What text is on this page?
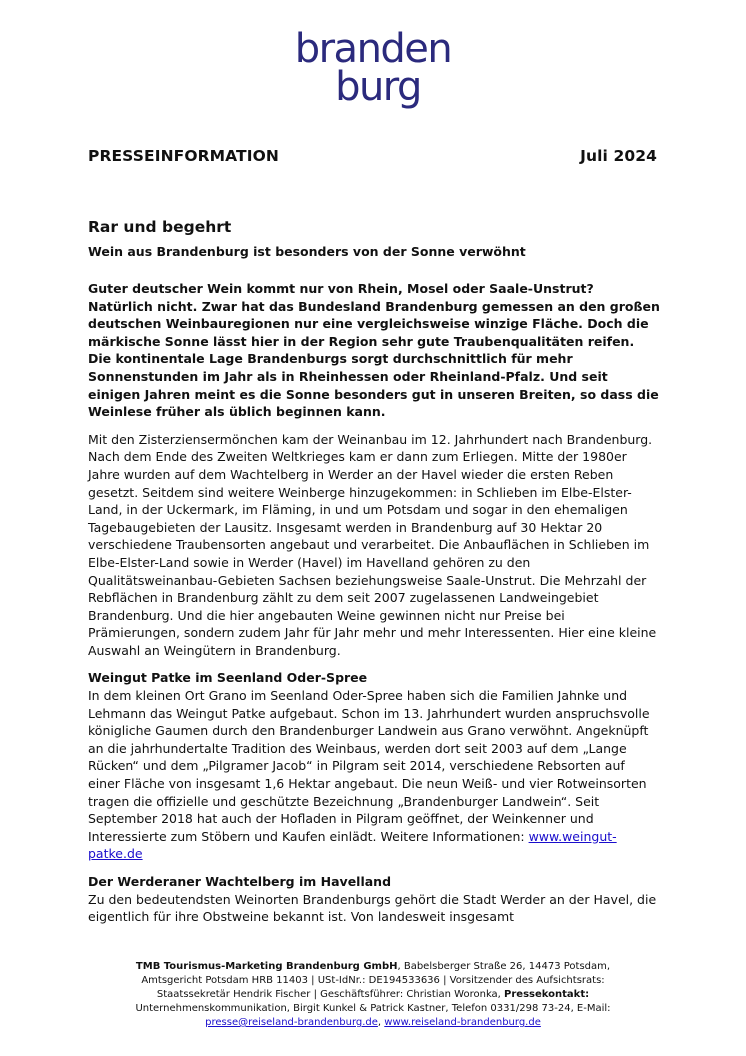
branden
burg
PRESSEINFORMATION	Juli 2024
Rar und begehrt
Wein aus Brandenburg ist besonders von der Sonne verwöhnt

Guter deutscher Wein kommt nur von Rhein, Mosel oder Saale-Unstrut? Natürlich nicht. Zwar hat das Bundesland Brandenburg gemessen an den großen deutschen Weinbauregionen nur eine vergleichsweise winzige Fläche. Doch die märkische Sonne lässt hier in der Region sehr gute Traubenqualitäten reifen. Die kontinentale Lage Brandenburgs sorgt durchschnittlich für mehr Sonnenstunden im Jahr als in Rheinhessen oder Rheinland-Pfalz. Und seit einigen Jahren meint es die Sonne besonders gut in unseren Breiten, so dass die Weinlese früher als üblich beginnen kann.

Mit den Zisterziensermönchen kam der Weinanbau im 12. Jahrhundert nach Brandenburg. Nach dem Ende des Zweiten Weltkrieges kam er dann zum Erliegen. Mitte der 1980er Jahre wurden auf dem Wachtelberg in Werder an der Havel wieder die ersten Reben gesetzt. Seitdem sind weitere Weinberge hinzugekommen: in Schlieben im Elbe-Elster-Land, in der Uckermark, im Fläming, in und um Potsdam und sogar in den ehemaligen Tagebaugebieten der Lausitz. Insgesamt werden in Brandenburg auf 30 Hektar 20 verschiedene Traubensorten angebaut und verarbeitet. Die Anbauflächen in Schlieben im Elbe-Elster-Land sowie in Werder (Havel) im Havelland gehören zu den Qualitätsweinanbau-Gebieten Sachsen beziehungsweise Saale-Unstrut. Die Mehrzahl der Rebflächen in Brandenburg zählt zu dem seit 2007 zugelassenen Landweingebiet Brandenburg. Und die hier angebauten Weine gewinnen nicht nur Preise bei Prämierungen, sondern zudem Jahr für Jahr mehr und mehr Interessenten. Hier eine kleine Auswahl an Weingütern in Brandenburg.

Weingut Patke im Seenland Oder-Spree

In dem kleinen Ort Grano im Seenland Oder-Spree haben sich die Familien Jahnke und Lehmann das Weingut Patke aufgebaut. Schon im 13. Jahrhundert wurden anspruchsvolle königliche Gaumen durch den Brandenburger Landwein aus Grano verwöhnt. Angeknüpft an die jahrhundertalte Tradition des Weinbaus, werden dort seit 2003 auf dem „Lange Rücken“ und dem „Pilgramer Jacob“ in Pilgram seit 2014, verschiedene Rebsorten auf einer Fläche von insgesamt 1,6 Hektar angebaut. Die neun Weiß- und vier Rotweinsorten tragen die offizielle und geschützte Bezeichnung „Brandenburger Landwein“. Seit September 2018 hat auch der Hofladen in Pilgram geöffnet, der Weinkenner und Interessierte zum Stöbern und Kaufen einlädt. Weitere Informationen: www.weingut-patke.de

Der Werderaner Wachtelberg im Havelland

Zu den bedeutendsten Weinorten Brandenburgs gehört die Stadt Werder an der Havel, die eigentlich für ihre Obstweine bekannt ist. Von landesweit insgesamt

TMB Tourismus-Marketing Brandenburg GmbH, Babelsberger Straße 26, 14473 Potsdam,
Amtsgericht Potsdam HRB 11403 | USt-IdNr.: DE194533636 | Vorsitzender des Aufsichtsrats:
Staatssekretär Hendrik Fischer | Geschäftsführer: Christian Woronka, Pressekontakt:
Unternehmenskommunikation, Birgit Kunkel & Patrick Kastner, Telefon 0331/298 73-24, E-Mail:
presse@reiseland-brandenburg.de, www.reiseland-brandenburg.de
